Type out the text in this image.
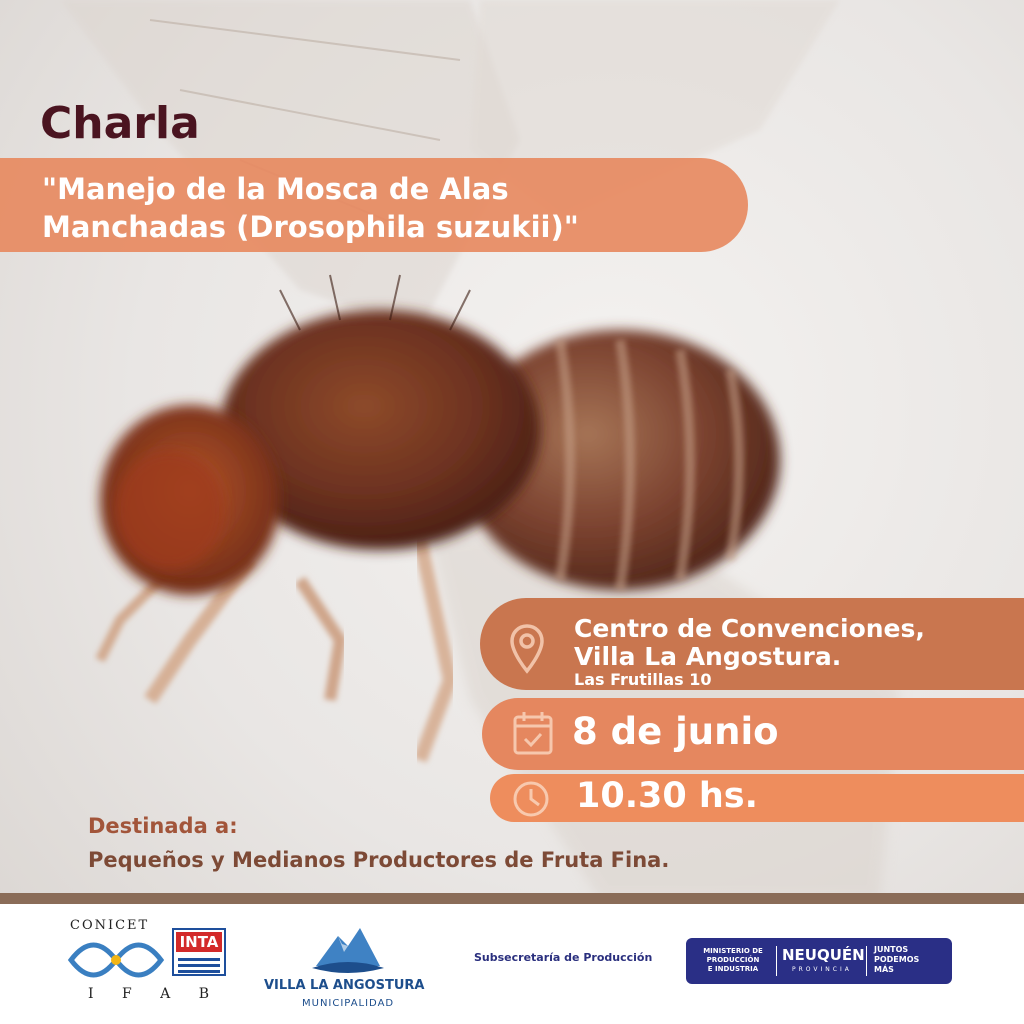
Charla
"Manejo de la Mosca de Alas
Manchadas (Drosophila suzukii)"
Centro de Convenciones,
Villa La Angostura.
Las Frutillas 10
8 de junio
10.30 hs.
Destinada a:
Pequeños y Medianos Productores de Fruta Fina.
CONICET
I F A B
INTA
VILLA LA ANGOSTURA
MUNICIPALIDAD
Subsecretaría de Producción	MINISTERIO DE
PRODUCCIÓN
E INDUSTRIA
NEUQUÉN
PROVINCIA
JUNTOS
PODEMOS
MÁS
